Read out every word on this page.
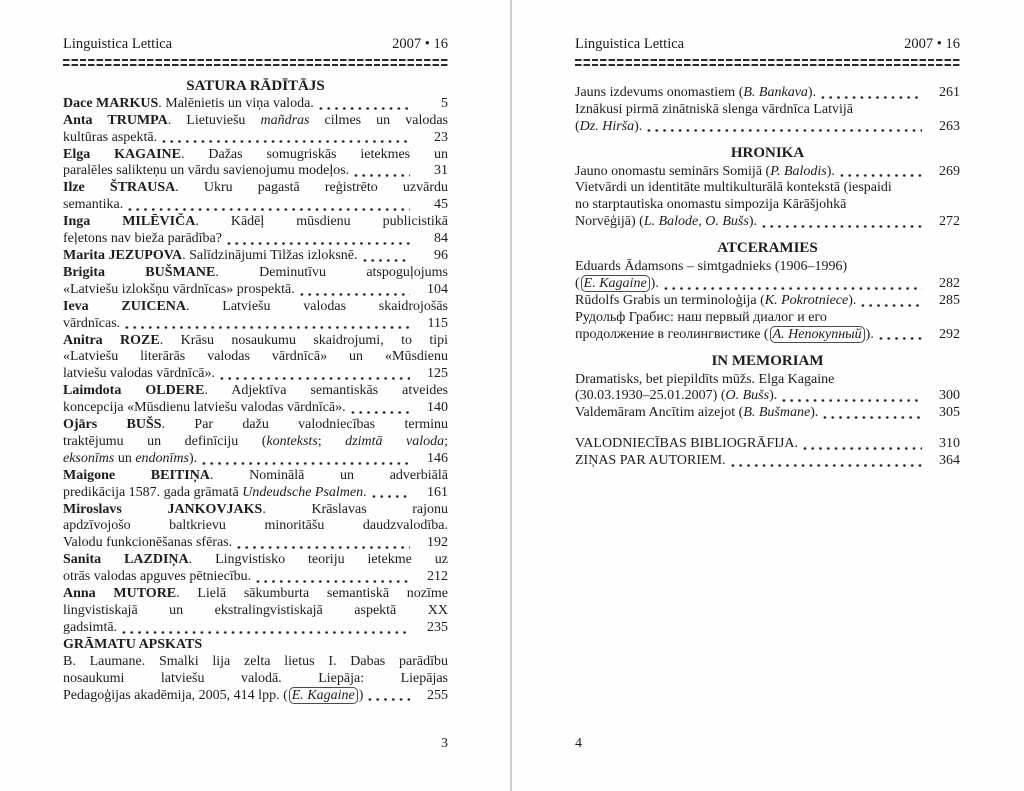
Linguistica Lettica	2007 • 16
SATURA RĀDĪTĀJS
Dace MARKUS. Malēnietis un viņa valoda.	5
Anta TRUMPA. Lietuviešu mañdras cilmes un valodas
kultūras aspektā.	23
Elga KAGAINE. Dažas somugriskās ietekmes un
paralēles salikteņu un vārdu savienojumu modeļos.	31
Ilze ŠTRAUSA. Ukru pagastā reģistrēto uzvārdu
semantika.	45
Inga MILĒVIČA. Kādēļ mūsdienu publicistikā
feļetons nav bieža parādība?	84
Marita JEZUPOVA. Salīdzinājumi Tilžas izloksnē.	96
Brigita BUŠMANE. Deminutīvu atspoguļojums
«Latviešu izlokšņu vārdnīcas» prospektā.	104
Ieva ZUICENA. Latviešu valodas skaidrojošās
vārdnīcas.	115
Anitra ROZE. Krāsu nosaukumu skaidrojumi, to tipi
«Latviešu literārās valodas vārdnīcā» un «Mūsdienu
latviešu valodas vārdnīcā».	125
Laimdota OLDERE. Adjektīva semantiskās atveides
koncepcija «Mūsdienu latviešu valodas vārdnīcā».	140
Ojārs BUŠS. Par dažu valodniecības terminu
traktējumu un definīciju (konteksts; dzimtā valoda;
eksonīms un endonīms).	146
Maigone BEITIŅA. Nominālā un adverbiālā
predikācija 1587. gada grāmatā Undeudsche Psalmen.	161
Miroslavs JANKOVJAKS. Krāslavas rajonu
apdzīvojošo baltkrievu minoritāšu daudzvalodība.
Valodu funkcionēšanas sfēras.	192
Sanita LAZDIŅA. Lingvistisko teoriju ietekme uz
otrās valodas apguves pētniecību.	212
Anna MUTORE. Lielā sākumburta semantiskā nozīme
lingvistiskajā un ekstralingvistiskajā aspektā XX
gadsimtā.	235
GRĀMATU APSKATS
B. Laumane. Smalki lija zelta lietus I. Dabas parādību
nosaukumi latviešu valodā. Liepāja: Liepājas
Pedagoģijas akadēmija, 2005, 414 lpp. ( E. Kagaine )	255
3
Linguistica Lettica	2007 • 16
Jauns izdevums onomastiem (B. Bankava).	261
Iznākusi pirmā zinātniskā slenga vārdnīca Latvijā
(Dz. Hirša).	263
HRONIKA
Jauno onomastu seminārs Somijā (P. Balodis).	269
Vietvārdi un identitāte multikulturālā kontekstā (iespaidi
no starptautiska onomastu simpozija Kārāšjohkā
Norvēģijā) (L. Balode, O. Bušs).	272
ATCERAMIES
Eduards Ādamsons – simtgadnieks (1906–1996)
( E. Kagaine ).	282
Rūdolfs Grabis un terminoloģija (K. Pokrotniece).	285
Рудольф Грабис: наш первый диалог и его
продолжение в геолингвистике ( А. Непокупный ).	292
IN MEMORIAM
Dramatisks, bet piepildīts mūžs. Elga Kagaine
(30.03.1930–25.01.2007) (O. Bušs).	300
Valdemāram Ancītim aizejot (B. Bušmane).	305
VALODNIECĪBAS BIBLIOGRĀFIJA.	310
ZIŅAS PAR AUTORIEM.	364
4
